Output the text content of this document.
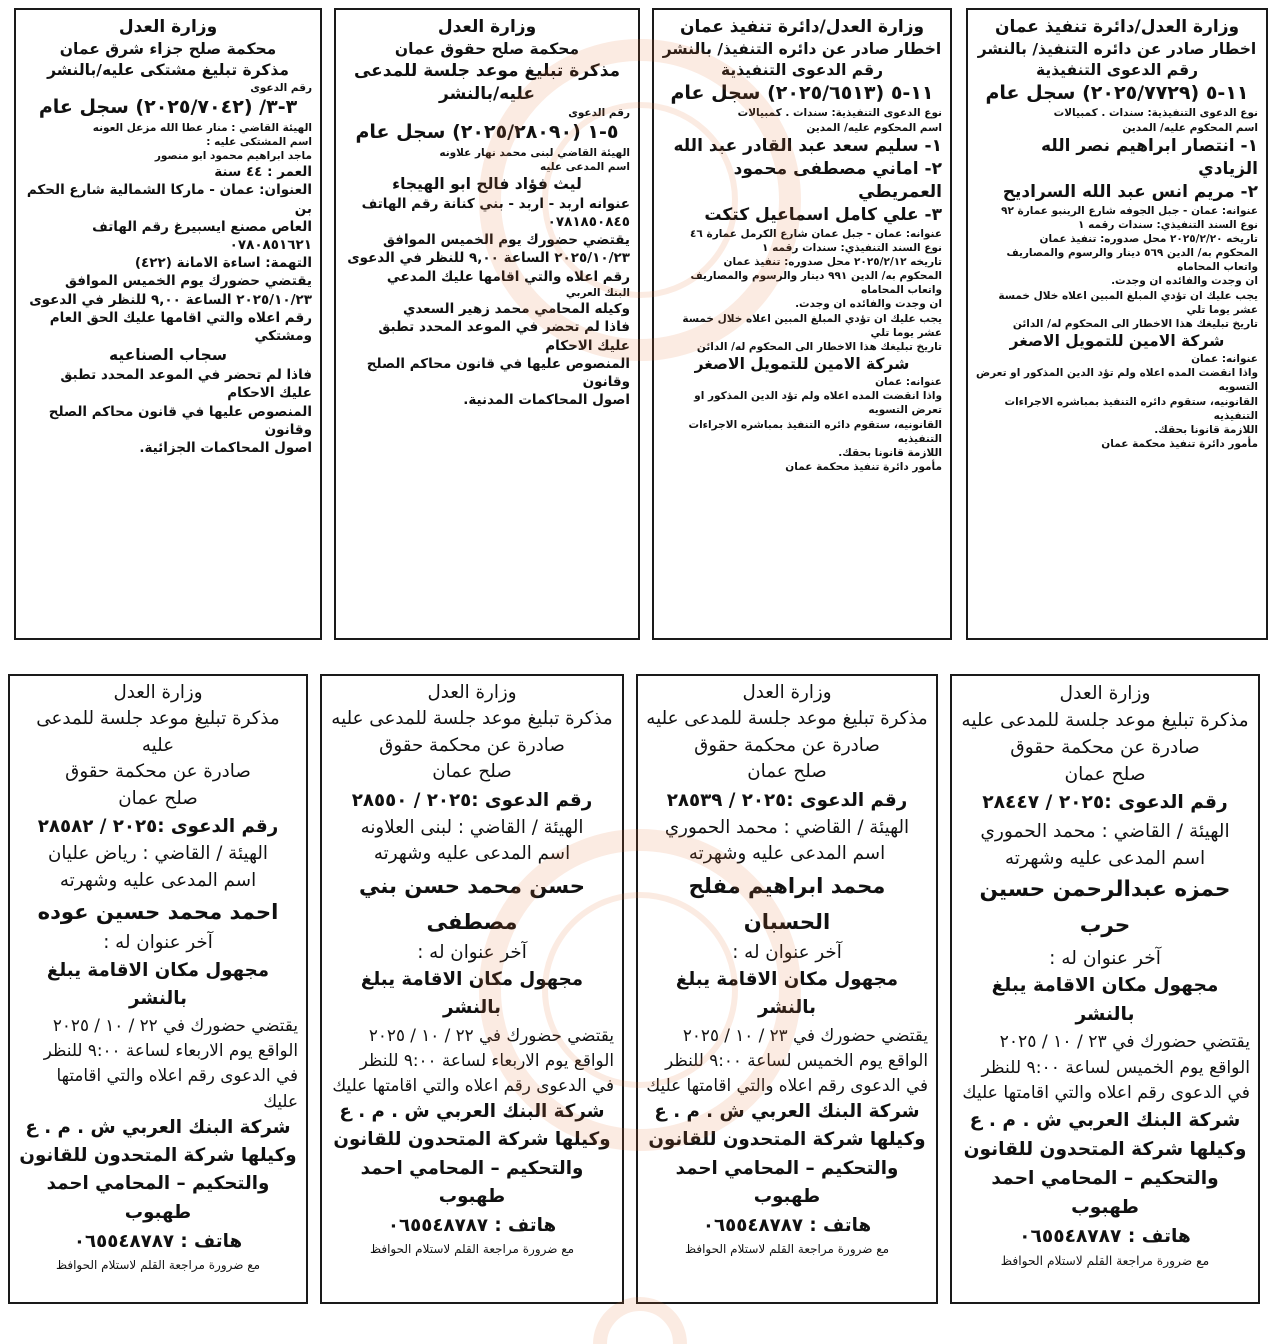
وزارة العدل/دائرة تنفيذ عمان
اخطار صادر عن دائره التنفيذ/ بالنشر
رقم الدعوى التنفيذية
١١-٥ (٢٠٢٥/٧٧٢٩) سجل عام
نوع الدعوى التنفيذية: سندات . كمبيالات
اسم المحكوم عليه/ المدين
١- انتصار ابراهيم نصر الله الزيادي
٢- مريم انس عبد الله السراديح
عنوانه: عمان - جبل الجوفه شارع الرينبو عمارة ٩٢
نوع السند التنفيذي: سندات رقمه ١
تاريخه ٢٠٢٥/٢/٢٠ محل صدوره: تنفيذ عمان
المحكوم به/ الدين ٥٦٩ دينار والرسوم والمصاريف واتعاب المحاماه
ان وجدت والفائده ان وجدت.
يجب عليك ان تؤدي المبلغ المبين اعلاه خلال خمسة عشر يوما تلي
تاريخ تبليغك هذا الاخطار الى المحكوم له/ الدائن
شركة الامين للتمويل الاصغر
عنوانه: عمان
واذا انقضت المده اعلاه ولم تؤد الدين المذكور او تعرض التسويه
القانونيه، ستقوم دائره التنفيذ بمباشره الاجراءات التنفيذيه
اللازمة قانونا بحقك.
مأمور دائرة تنفيذ محكمة عمان
وزارة العدل/دائرة تنفيذ عمان
اخطار صادر عن دائره التنفيذ/ بالنشر
رقم الدعوى التنفيذية
١١-٥ (٢٠٢٥/٦٥١٣) سجل عام
نوع الدعوى التنفيذية: سندات . كمبيالات
اسم المحكوم عليه/ المدين
١- سليم سعد عبد القادر عبد الله
٢- اماني مصطفى محمود العمريطي
٣- علي كامل اسماعيل كتكت
عنوانه: عمان - جبل عمان شارع الكرمل عمارة ٤٦
نوع السند التنفيذي: سندات رقمه ١
تاريخه ٢٠٢٥/٢/١٢ محل صدوره: تنفيذ عمان
المحكوم به/ الدين ٩٩١ دينار والرسوم والمصاريف واتعاب المحاماه
ان وجدت والفائده ان وجدت.
يجب عليك ان تؤدي المبلغ المبين اعلاه خلال خمسة عشر يوما تلي
تاريخ تبليغك هذا الاخطار الى المحكوم له/ الدائن
شركة الامين للتمويل الاصغر
عنوانه: عمان
واذا انقضت المده اعلاه ولم تؤد الدين المذكور او تعرض التسويه
القانونيه، ستقوم دائره التنفيذ بمباشره الاجراءات التنفيذيه
اللازمة قانونا بحقك.
مأمور دائرة تنفيذ محكمة عمان
وزارة العدل
محكمة صلح حقوق عمان
مذكرة تبليغ موعد جلسة للمدعى
عليه/بالنشر
رقم الدعوى
٥-١ (٢٠٢٥/٢٨٠٩٠) سجل عام
الهيئة القاضي لبنى محمد نهار علاونه
اسم المدعى عليه
ليث فؤاد فالح ابو الهيجاء
عنوانه اربد - اربد - بني كنانة رقم الهاتف
٠٧٨١٨٥٠٨٤٥
يقتضي حضورك يوم الخميس الموافق
٢٠٢٥/١٠/٢٣ الساعة ٩,٠٠ للنظر في الدعوى
رقم اعلاه والتي اقامها عليك المدعي
البنك العربي
وكيله المحامي محمد زهير السعدي
فاذا لم تحضر في الموعد المحدد تطبق عليك الاحكام
المنصوص عليها في قانون محاكم الصلح وقانون
اصول المحاكمات المدنية.
وزارة العدل
محكمة صلح جزاء شرق عمان
مذكرة تبليغ مشتكى عليه/بالنشر
رقم الدعوى
٣-٣/ (٢٠٢٥/٧٠٤٢) سجل عام
الهيئة القاضي : منار عطا الله مزعل العونه
اسم المشتكى عليه :
ماجد ابراهيم محمود ابو منصور
العمر : ٤٤ سنة
العنوان: عمان - ماركا الشمالية شارع الحكم بن
العاص مصنع ايسبيرغ رقم الهاتف ٠٧٨٠٨٥١٦٢١
التهمة: اساءة الامانة (٤٢٢)
يقتضي حضورك يوم الخميس الموافق
٢٠٢٥/١٠/٢٣ الساعة ٩,٠٠ للنظر في الدعوى
رقم اعلاه والتي اقامها عليك الحق العام ومشتكي
سجاب الصناعيه
فاذا لم تحضر في الموعد المحدد تطبق عليك الاحكام
المنصوص عليها في قانون محاكم الصلح وقانون
اصول المحاكمات الجزائية.
وزارة العدل
مذكرة تبليغ موعد جلسة للمدعى عليه
صادرة عن محكمة حقوق
صلح عمان
رقم الدعوى :٢٠٢٥ / ٢٨٤٤٧
الهيئة / القاضي : محمد الحموري
اسم المدعى عليه وشهرته
حمزه عبدالرحمن حسين حرب
آخر عنوان له :
مجهول مكان الاقامة يبلغ بالنشر
يقتضي حضورك في ٢٣ / ١٠ / ٢٠٢٥
الواقع يوم الخميس لساعة ٩:٠٠ للنظر
في الدعوى رقم اعلاه والتي اقامتها عليك
شركة البنك العربي ش . م . ع
وكيلها شركة المتحدون للقانون
والتحكيم – المحامي احمد طهبوب
هاتف : ٠٦٥٥٤٨٧٨٧
مع ضرورة مراجعة القلم لاستلام الحوافظ
وزارة العدل
مذكرة تبليغ موعد جلسة للمدعى عليه
صادرة عن محكمة حقوق
صلح عمان
رقم الدعوى :٢٠٢٥ / ٢٨٥٣٩
الهيئة / القاضي : محمد الحموري
اسم المدعى عليه وشهرته
محمد ابراهيم مفلح الحسبان
آخر عنوان له :
مجهول مكان الاقامة يبلغ بالنشر
يقتضي حضورك في ٢٣ / ١٠ / ٢٠٢٥
الواقع يوم الخميس لساعة ٩:٠٠ للنظر
في الدعوى رقم اعلاه والتي اقامتها عليك
شركة البنك العربي ش . م . ع
وكيلها شركة المتحدون للقانون
والتحكيم – المحامي احمد طهبوب
هاتف : ٠٦٥٥٤٨٧٨٧
مع ضرورة مراجعة القلم لاستلام الحوافظ
وزارة العدل
مذكرة تبليغ موعد جلسة للمدعى عليه
صادرة عن محكمة حقوق
صلح عمان
رقم الدعوى :٢٠٢٥ / ٢٨٥٥٠
الهيئة / القاضي : لبنى العلاونه
اسم المدعى عليه وشهرته
حسن محمد حسن بني مصطفى
آخر عنوان له :
مجهول مكان الاقامة يبلغ بالنشر
يقتضي حضورك في ٢٢ / ١٠ / ٢٠٢٥
الواقع يوم الاربعاء لساعة ٩:٠٠ للنظر
في الدعوى رقم اعلاه والتي اقامتها عليك
شركة البنك العربي ش . م . ع
وكيلها شركة المتحدون للقانون
والتحكيم – المحامي احمد طهبوب
هاتف : ٠٦٥٥٤٨٧٨٧
مع ضرورة مراجعة القلم لاستلام الحوافظ
وزارة العدل
مذكرة تبليغ موعد جلسة للمدعى عليه
صادرة عن محكمة حقوق
صلح عمان
رقم الدعوى :٢٠٢٥ / ٢٨٥٨٢
الهيئة / القاضي : رياض عليان
اسم المدعى عليه وشهرته
احمد محمد حسين عوده
آخر عنوان له :
مجهول مكان الاقامة يبلغ بالنشر
يقتضي حضورك في ٢٢ / ١٠ / ٢٠٢٥
الواقع يوم الاربعاء لساعة ٩:٠٠ للنظر
في الدعوى رقم اعلاه والتي اقامتها عليك
شركة البنك العربي ش . م . ع
وكيلها شركة المتحدون للقانون
والتحكيم – المحامي احمد طهبوب
هاتف : ٠٦٥٥٤٨٧٨٧
مع ضرورة مراجعة القلم لاستلام الحوافظ
